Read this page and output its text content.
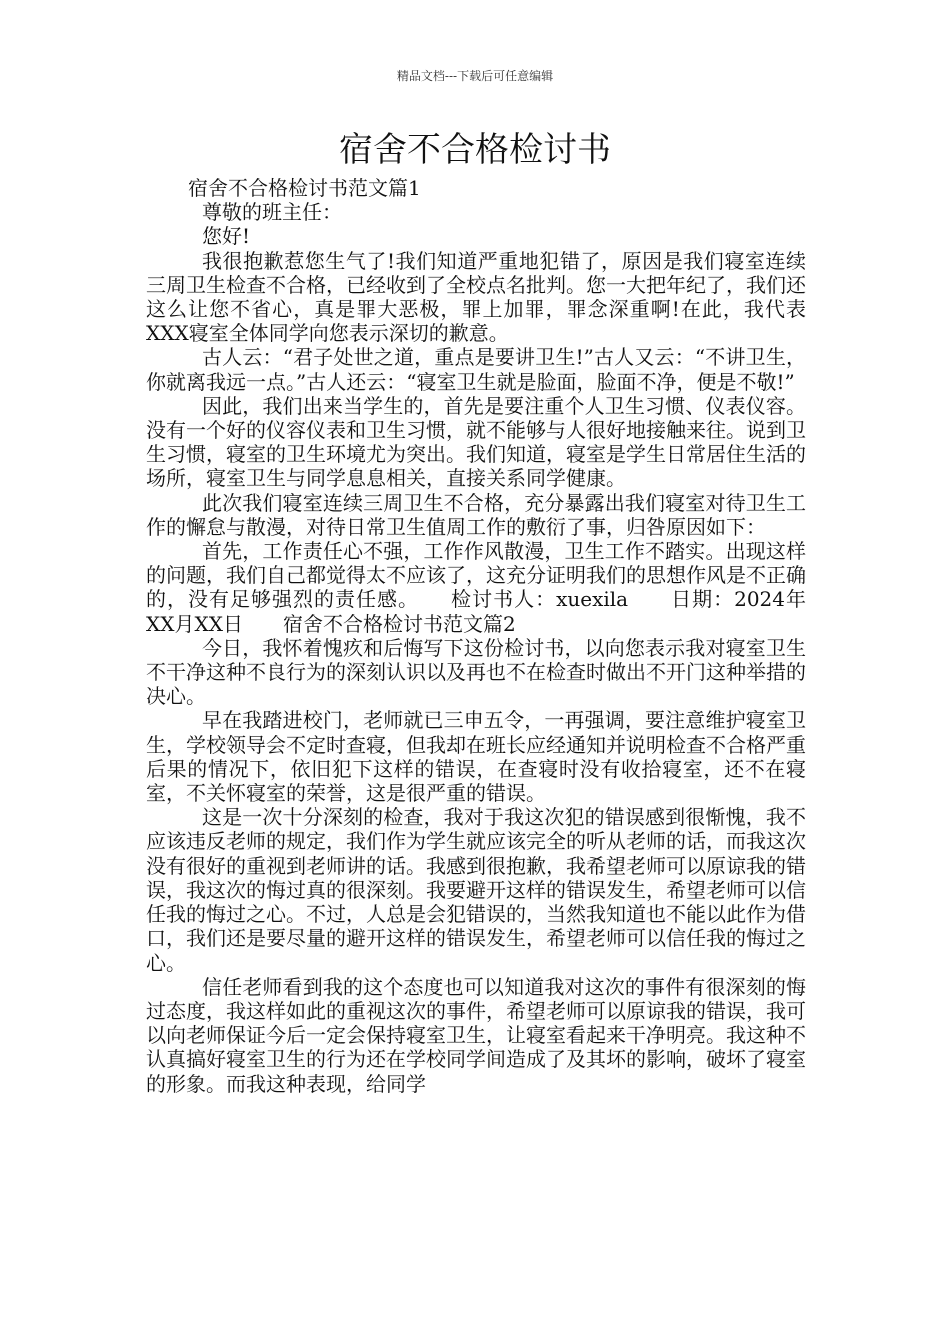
精品文档---下载后可任意编辑
宿舍不合格检讨书

宿舍不合格检讨书范文篇1

尊敬的班主任：

您好!

我很抱歉惹您生气了!我们知道严重地犯错了，原因是我们寝室连续三周卫生检查不合格，已经收到了全校点名批判。您一大把年纪了，我们还这么让您不省心，真是罪大恶极，罪上加罪，罪念深重啊!在此，我代表XXX寝室全体同学向您表示深切的歉意。

古人云：“君子处世之道，重点是要讲卫生!”古人又云：“不讲卫生，你就离我远一点。”古人还云：“寝室卫生就是脸面，脸面不净，便是不敬!”

因此，我们出来当学生的，首先是要注重个人卫生习惯、仪表仪容。没有一个好的仪容仪表和卫生习惯，就不能够与人很好地接触来往。说到卫生习惯，寝室的卫生环境尤为突出。我们知道，寝室是学生日常居住生活的场所，寝室卫生与同学息息相关，直接关系同学健康。

此次我们寝室连续三周卫生不合格，充分暴露出我们寝室对待卫生工作的懈怠与散漫，对待日常卫生值周工作的敷衍了事，归咎原因如下：

首先，工作责任心不强，工作作风散漫，卫生工作不踏实。出现这样的问题，我们自己都觉得太不应该了，这充分证明我们的思想作风是不正确的，没有足够强烈的责任感。　　检讨书人：xuexila　　日期：2024年XX月XX日　　宿舍不合格检讨书范文篇2

今日，我怀着愧疚和后悔写下这份检讨书，以向您表示我对寝室卫生不干净这种不良行为的深刻认识以及再也不在检查时做出不开门这种举措的决心。

早在我踏进校门，老师就已三申五令，一再强调，要注意维护寝室卫生，学校领导会不定时查寝，但我却在班长应经通知并说明检查不合格严重后果的情况下，依旧犯下这样的错误，在查寝时没有收拾寝室，还不在寝室，不关怀寝室的荣誉，这是很严重的错误。

这是一次十分深刻的检查，我对于我这次犯的错误感到很惭愧，我不应该违反老师的规定，我们作为学生就应该完全的听从老师的话，而我这次没有很好的重视到老师讲的话。我感到很抱歉，我希望老师可以原谅我的错误，我这次的悔过真的很深刻。我要避开这样的错误发生，希望老师可以信任我的悔过之心。不过，人总是会犯错误的，当然我知道也不能以此作为借口，我们还是要尽量的避开这样的错误发生，希望老师可以信任我的悔过之心。

信任老师看到我的这个态度也可以知道我对这次的事件有很深刻的悔过态度，我这样如此的重视这次的事件，希望老师可以原谅我的错误，我可以向老师保证今后一定会保持寝室卫生，让寝室看起来干净明亮。我这种不认真搞好寝室卫生的行为还在学校同学间造成了及其坏的影响，破坏了寝室的形象。而我这种表现，给同学
